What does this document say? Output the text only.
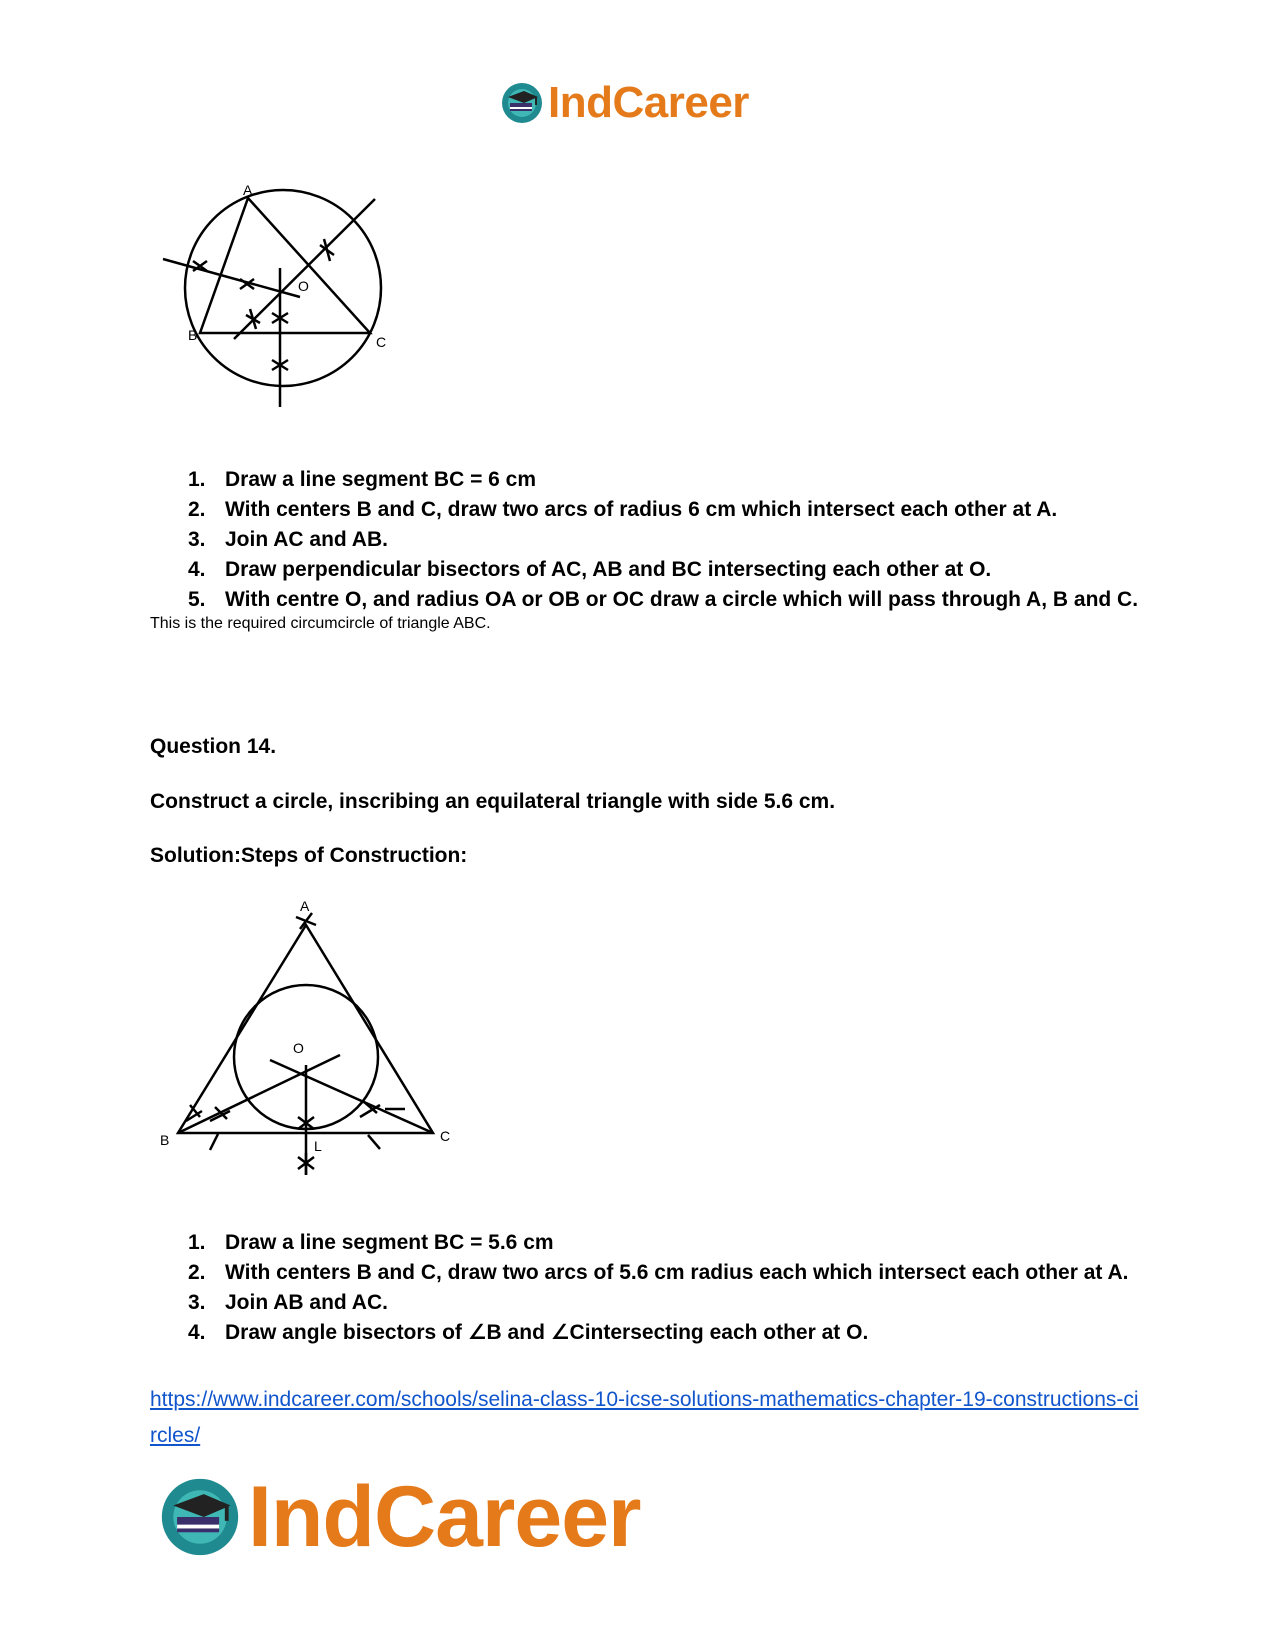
IndCareer
A
B	C
O
1. Draw a line segment BC = 6 cm
2. With centers B and C, draw two arcs of radius 6 cm which intersect each other at A.
3. Join AC and AB.
4. Draw perpendicular bisectors of AC, AB and BC intersecting each other at O.
5. With centre O, and radius OA or OB or OC draw a circle which will pass through A, B and C.
This is the required circumcircle of triangle ABC.
Question 14.
Construct a circle, inscribing an equilateral triangle with side 5.6 cm.
Solution:Steps of Construction:
A
B	C
O
L
1. Draw a line segment BC = 5.6 cm
2. With centers B and C, draw two arcs of 5.6 cm radius each which intersect each other at A.
3. Join AB and AC.
4. Draw angle bisectors of ∠B and ∠Cintersecting each other at O.
https://www.indcareer.com/schools/selina-class-10-icse-solutions-mathematics-chapter-19-constructions-circles/
IndCareer
